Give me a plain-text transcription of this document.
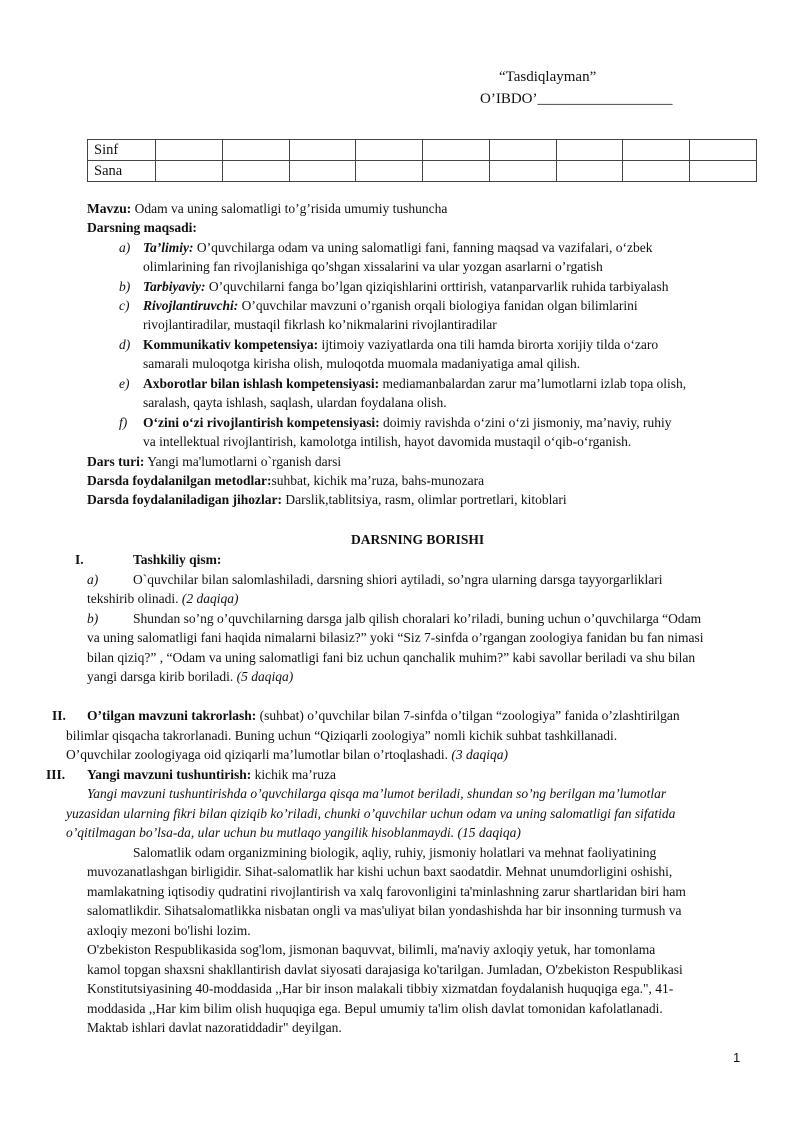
“Tasdiqlayman”
O’IBDO’__________________
Sinf									
Sana									
Mavzu: Odam va uning salomatligi to’g’risida umumiy tushuncha
Darsning maqsadi:
a) Ta’limiy: O’quvchilarga odam va uning salomatligi fani, fanning maqsad va vazifalari, o‘zbek
olimlarining fan rivojlanishiga qo’shgan xissalarini va ular yozgan asarlarni o’rgatish
b) Tarbiyaviy: O’quvchilarni fanga bo’lgan qiziqishlarini orttirish, vatanparvarlik ruhida tarbiyalash
c) Rivojlantiruvchi: O’quvchilar mavzuni o’rganish orqali biologiya fanidan olgan bilimlarini
rivojlantiradilar, mustaqil fikrlash ko’nikmalarini rivojlantiradilar
d) Kommunikativ kompetensiya: ijtimoiy vaziyatlarda ona tili hamda birorta xorijiy tilda o‘zaro
samarali muloqotga kirisha olish, muloqotda muomala madaniyatiga amal qilish.
e) Axborotlar bilan ishlash kompetensiyasi: mediamanbalardan zarur ma’lumotlarni izlab topa olish,
saralash, qayta ishlash, saqlash, ulardan foydalana olish.
f) O‘zini o‘zi rivojlantirish kompetensiyasi: doimiy ravishda o‘zini o‘zi jismoniy, ma’naviy, ruhiy
va intellektual rivojlantirish, kamolotga intilish, hayot davomida mustaqil o‘qib-o‘rganish.
Dars turi: Yangi ma'lumotlarni o`rganish darsi
Darsda foydalanilgan metodlar:suhbat, kichik ma’ruza, bahs-munozara
Darsda foydalaniladigan jihozlar: Darslik,tablitsiya, rasm, olimlar portretlari, kitoblari
DARSNING BORISHI
I.	Tashkiliy qism:
a)	O`quvchilar bilan salomlashiladi, darsning shiori aytiladi, so’ngra ularning darsga tayyorgarliklari
tekshirib olinadi. (2 daqiqa)
b)	Shundan so’ng o’quvchilarning darsga jalb qilish choralari ko’riladi, buning uchun o’quvchilarga “Odam
va uning salomatligi fani haqida nimalarni bilasiz?” yoki “Siz 7-sinfda o’rgangan zoologiya fanidan bu fan nimasi
bilan qiziq?” , “Odam va uning salomatligi fani biz uchun qanchalik muhim?” kabi savollar beriladi va shu bilan
yangi darsga kirib boriladi. (5 daqiqa)
II. O’tilgan mavzuni takrorlash: (suhbat) o’quvchilar bilan 7-sinfda o’tilgan “zoologiya” fanida o’zlashtirilgan
bilimlar qisqacha takrorlanadi. Buning uchun “Qiziqarli zoologiya” nomli kichik suhbat tashkillanadi.
O’quvchilar zoologiyaga oid qiziqarli ma’lumotlar bilan o’rtoqlashadi. (3 daqiqa)
III. Yangi mavzuni tushuntirish: kichik ma’ruza
Yangi mavzuni tushuntirishda o’quvchilarga qisqa ma’lumot beriladi, shundan so’ng berilgan ma’lumotlar
yuzasidan ularning fikri bilan qiziqib ko’riladi, chunki o’quvchilar uchun odam va uning salomatligi fan sifatida
o’qitilmagan bo’lsa-da, ular uchun bu mutlaqo yangilik hisoblanmaydi. (15 daqiqa)
Salomatlik odam organizmining biologik, aqliy, ruhiy, jismoniy holatlari va mehnat faoliyatining
muvozanatlashgan birligidir. Sihat-salomatlik har kishi uchun baxt saodatdir. Mehnat unumdorligini oshishi,
mamlakatning iqtisodiy qudratini rivojlantirish va xalq farovonligini ta'minlashning zarur shartlaridan biri ham
salomatlikdir. Sihatsalomatlikka nisbatan ongli va mas'uliyat bilan yondashishda har bir insonning turmush va
axloqiy mezoni bo'lishi lozim.
O'zbekiston Respublikasida sog'lom, jismonan baquvvat, bilimli, ma'naviy axloqiy yetuk, har tomonlama
kamol topgan shaxsni shakllantirish davlat siyosati darajasiga ko'tarilgan. Jumladan, O'zbekiston Respublikasi
Konstitutsiyasining 40-moddasida ,,Har bir inson malakali tibbiy xizmatdan foydalanish huquqiga ega.", 41-
moddasida ,,Har kim bilim olish huquqiga ega. Bepul umumiy ta'lim olish davlat tomonidan kafolatlanadi.
Maktab ishlari davlat nazoratiddadir" deyilgan.
1
